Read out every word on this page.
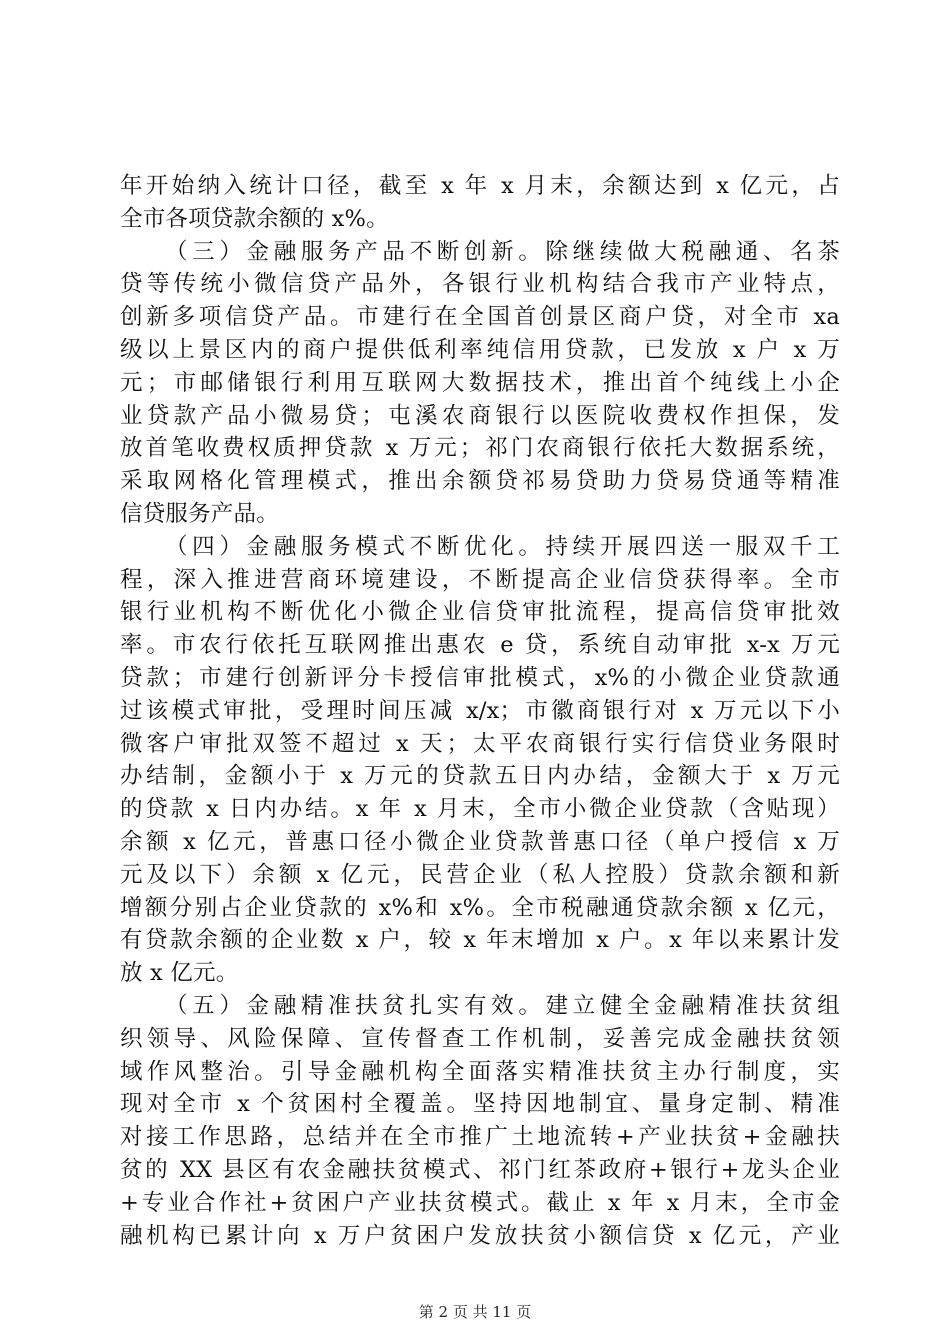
年开始纳入统计口径，截至 x 年 x 月末，余额达到 x 亿元，占
全市各项贷款余额的 x%。
（三）金融服务产品不断创新。除继续做大税融通、名茶
贷等传统小微信贷产品外，各银行业机构结合我市产业特点，
创新多项信贷产品。市建行在全国首创景区商户贷，对全市 xa
级以上景区内的商户提供低利率纯信用贷款，已发放 x 户 x 万
元；市邮储银行利用互联网大数据技术，推出首个纯线上小企
业贷款产品小微易贷；屯溪农商银行以医院收费权作担保，发
放首笔收费权质押贷款 x 万元；祁门农商银行依托大数据系统，
采取网格化管理模式，推出余额贷祁易贷助力贷易贷通等精准
信贷服务产品。
（四）金融服务模式不断优化。持续开展四送一服双千工
程，深入推进营商环境建设，不断提高企业信贷获得率。全市
银行业机构不断优化小微企业信贷审批流程，提高信贷审批效
率。市农行依托互联网推出惠农 e 贷，系统自动审批 x-x 万元
贷款；市建行创新评分卡授信审批模式，x%的小微企业贷款通
过该模式审批，受理时间压减 x/x；市徽商银行对 x 万元以下小
微客户审批双签不超过 x 天；太平农商银行实行信贷业务限时
办结制，金额小于 x 万元的贷款五日内办结，金额大于 x 万元
的贷款 x 日内办结。x 年 x 月末，全市小微企业贷款（含贴现）
余额 x 亿元，普惠口径小微企业贷款普惠口径（单户授信 x 万
元及以下）余额 x 亿元，民营企业（私人控股）贷款余额和新
增额分别占企业贷款的 x%和 x%。全市税融通贷款余额 x 亿元，
有贷款余额的企业数 x 户，较 x 年末增加 x 户。x 年以来累计发
放 x 亿元。
（五）金融精准扶贫扎实有效。建立健全金融精准扶贫组
织领导、风险保障、宣传督查工作机制，妥善完成金融扶贫领
域作风整治。引导金融机构全面落实精准扶贫主办行制度，实
现对全市 x 个贫困村全覆盖。坚持因地制宜、量身定制、精准
对接工作思路，总结并在全市推广土地流转+产业扶贫+金融扶
贫的 XX 县区有农金融扶贫模式、祁门红茶政府+银行+龙头企业
+专业合作社+贫困户产业扶贫模式。截止 x 年 x 月末，全市金
融机构已累计向 x 万户贫困户发放扶贫小额信贷 x 亿元，产业
第 2 页 共 11 页
